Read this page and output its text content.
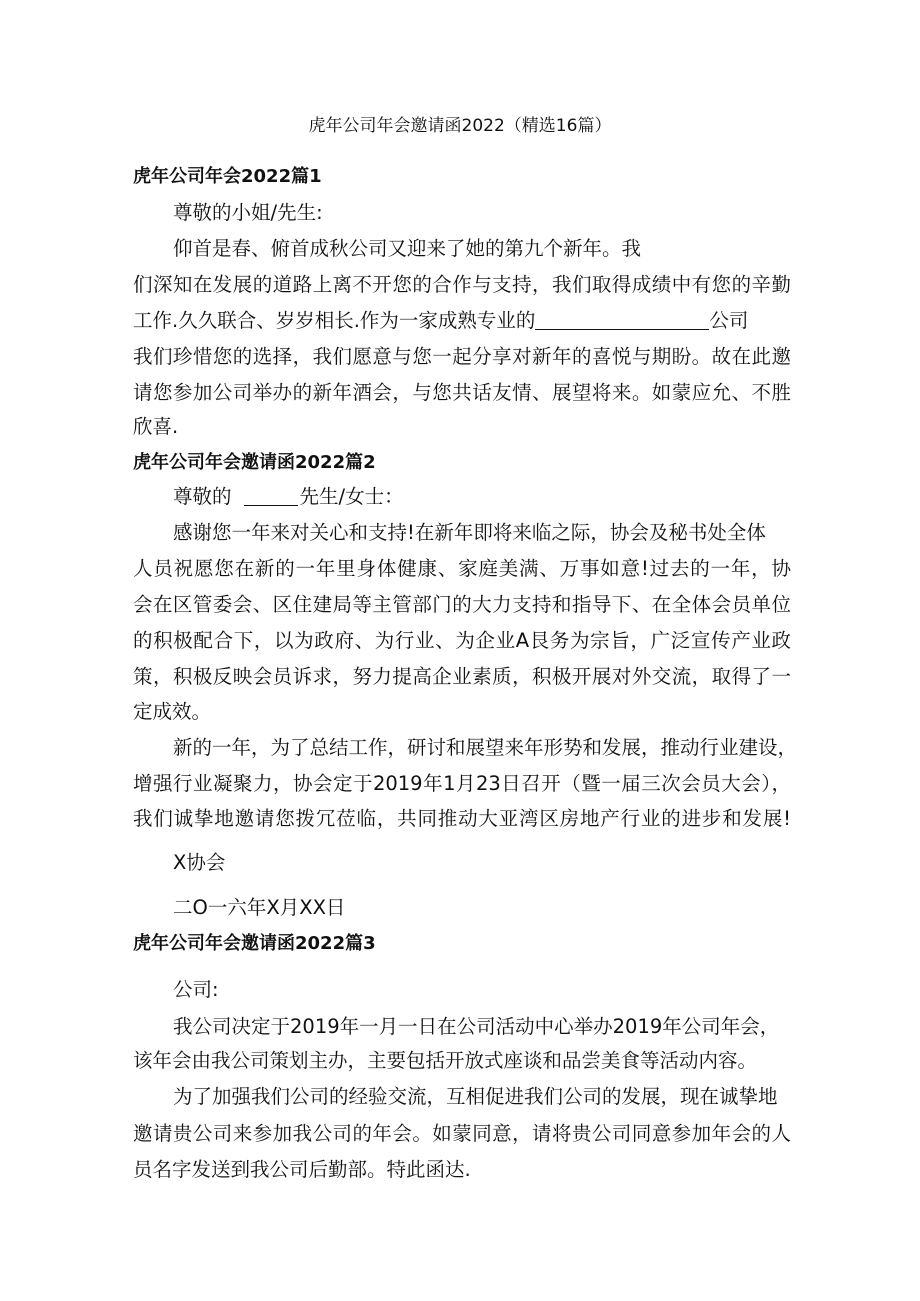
虎年公司年会邀请函2022（精选16篇）
虎年公司年会2022篇1
尊敬的小姐/先生:
仰首是春、俯首成秋公司又迎来了她的第九个新年。我
们深知在发展的道路上离不开您的合作与支持，我们取得成绩中有您的辛勤
工作.久久联合、岁岁相长.作为一家成熟专业的	公司
我们珍惜您的选择，我们愿意与您一起分享对新年的喜悦与期盼。故在此邀
请您参加公司举办的新年酒会，与您共话友情、展望将来。如蒙应允、不胜
欣喜.
虎年公司年会邀请函2022篇2
尊敬的	先生/女士：
感谢您一年来对关心和支持!在新年即将来临之际，协会及秘书处全体
人员祝愿您在新的一年里身体健康、家庭美满、万事如意!过去的一年，协
会在区管委会、区住建局等主管部门的大力支持和指导下、在全体会员单位
的积极配合下，以为政府、为行业、为企业A艮务为宗旨，广泛宣传产业政
策，积极反映会员诉求，努力提高企业素质，积极开展对外交流，取得了一
定成效。
新的一年，为了总结工作，研讨和展望来年形势和发展，推动行业建设，
增强行业凝聚力，协会定于2019年1月23日召开（暨一届三次会员大会），
我们诚挚地邀请您拨冗莅临，共同推动大亚湾区房地产行业的进步和发展!
X协会
二O一六年X月XX日
虎年公司年会邀请函2022篇3
公司:
我公司决定于2019年一月一日在公司活动中心举办2019年公司年会，
该年会由我公司策划主办，主要包括开放式座谈和品尝美食等活动内容。
为了加强我们公司的经验交流，互相促进我们公司的发展，现在诚挚地
邀请贵公司来参加我公司的年会。如蒙同意，请将贵公司同意参加年会的人
员名字发送到我公司后勤部。特此函达.
